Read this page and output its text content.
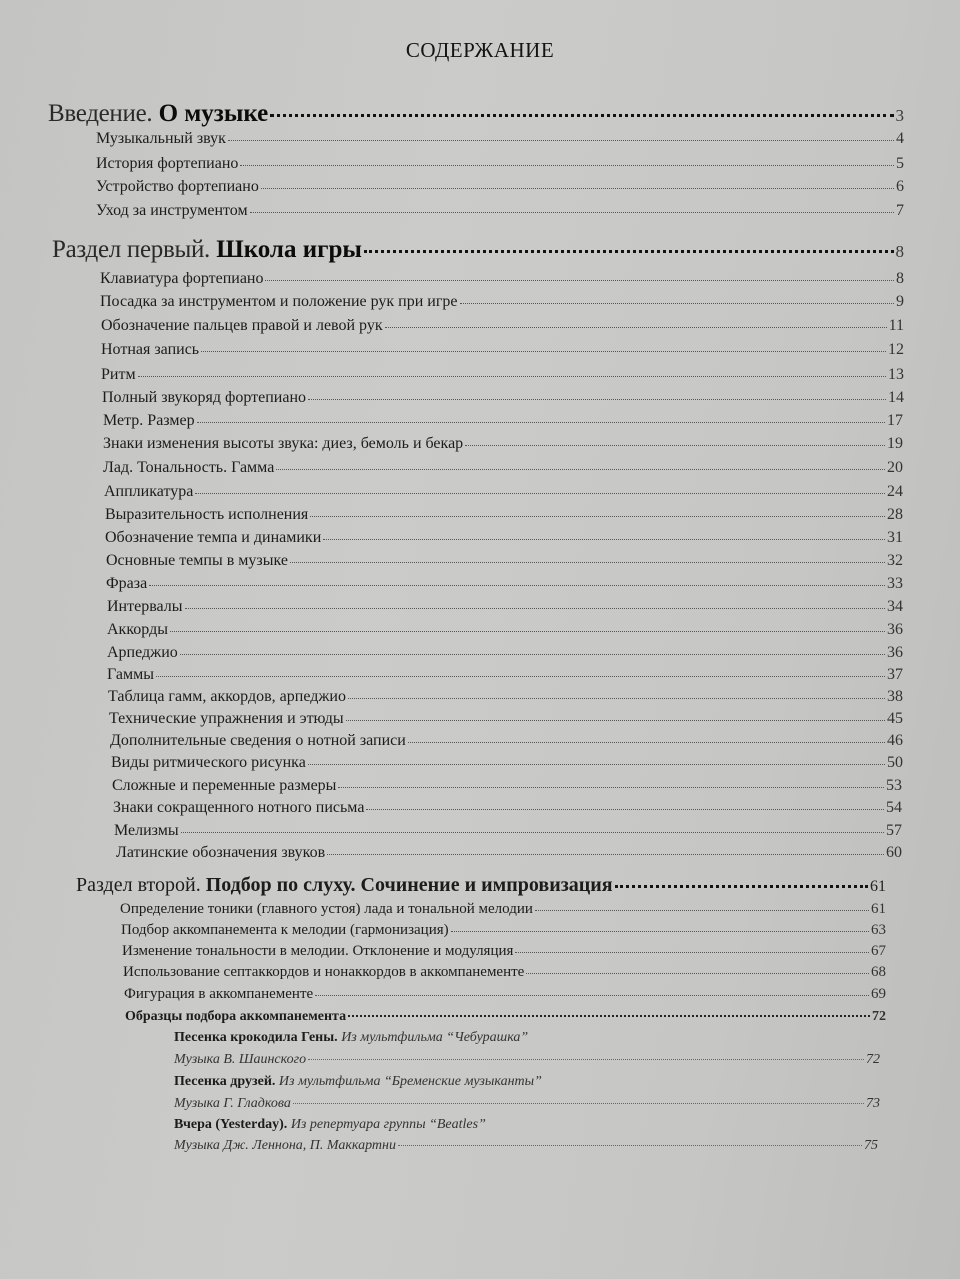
СОДЕРЖАНИЕ
Введение. О музыке	3
Музыкальный звук	4
История фортепиано	5
Устройство фортепиано	6
Уход за инструментом	7
Раздел первый. Школа игры	8
Клавиатура фортепиано	8
Посадка за инструментом и положение рук при игре	9
Обозначение пальцев правой и левой рук	11
Нотная запись	12
Ритм	13
Полный звукоряд фортепиано	14
Метр. Размер	17
Знаки изменения высоты звука: диез, бемоль и бекар	19
Лад. Тональность. Гамма	20
Аппликатура	24
Выразительность исполнения	28
Обозначение темпа и динамики	31
Основные темпы в музыке	32
Фраза	33
Интервалы	34
Аккорды	36
Арпеджио	36
Гаммы	37
Таблица гамм, аккордов, арпеджио	38
Технические упражнения и этюды	45
Дополнительные сведения о нотной записи	46
Виды ритмического рисунка	50
Сложные и переменные размеры	53
Знаки сокращенного нотного письма	54
Мелизмы	57
Латинские обозначения звуков	60
Раздел второй. Подбор по слуху. Сочинение и импровизация	61
Определение тоники (главного устоя) лада и тональной мелодии	61
Подбор аккомпанемента к мелодии (гармонизация)	63
Изменение тональности в мелодии. Отклонение и модуляция	67
Использование септаккордов и нонаккордов в аккомпанементе	68
Фигурация в аккомпанементе	69
Образцы подбора аккомпанемента	72
Песенка крокодила Гены. Из мультфильма “Чебурашка”
Музыка В. Шаинского	72
Песенка друзей. Из мультфильма “Бременские музыканты”
Музыка Г. Гладкова	73
Вчера (Yesterday). Из репертуара группы “Beatles”
Музыка Дж. Леннона, П. Маккартни	75
